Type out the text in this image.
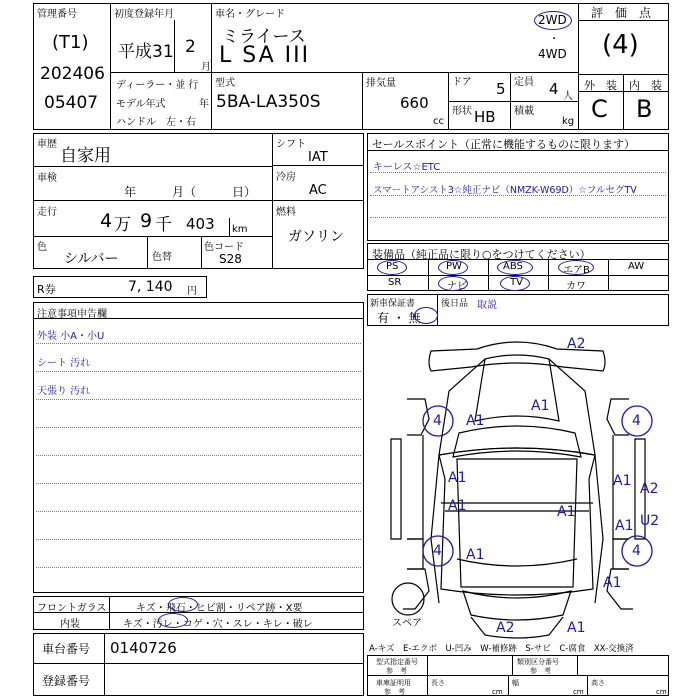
管理番号
(T1)
202406
05407
初度登録年月
平成31 2
月
車名・グレード
ミライース
L SA III
2WD
・
4WD
評　価　点
(4)
外　装 内　装
C B
ディーラー・並 行
モデル年式	年
ハンドル　左・右
型式
5BA-LA350S
排気量
660
cc
ドア 5
形状 HB
定員 4 人
積載
kg
車歴
自家用
車検
年　　　月（　　　日）
走行 4 万 9 千 403 km
色
シルバー	色替
色コード
S28
シフト
IAT
冷房
AC
燃料
ガソリン
セールスポイント（正常に機能するものに限ります）
キーレス☆ETC
スマートアシスト3☆純正ナビ（NMZK-W69D）☆フルセグTV
装備品（純正品に限り○をつけてください）
PS	PW	ABS	エアB	AW
SR	ナビ	TV	カワ
R券	7, 140 円
新車保証書
有 ・ 無
後日品 取説
注意事項申告欄
外装 小A・小U
シート 汚れ
天張り 汚れ
A2
A1
4 A1	4
A1 A2
A1
A1
U2
A1
4 A1	4
A1
A2	A1
スペア
A1
フロントガラス	キズ・飛石・ヒビ割・リペア跡・X要
内装	キズ・汚レ・コゲ・穴・スレ・キレ・破レ
車台番号 0140726
登録番号
A-キズ　E-エクボ　U-凹み　W-補修跡　S-サビ　C-腐食　XX-交換済
型式指定番号
参　考
類別区分番号
参　考
車庫証明用
参　考
長さ
cm
幅
cm
高さ
cm
